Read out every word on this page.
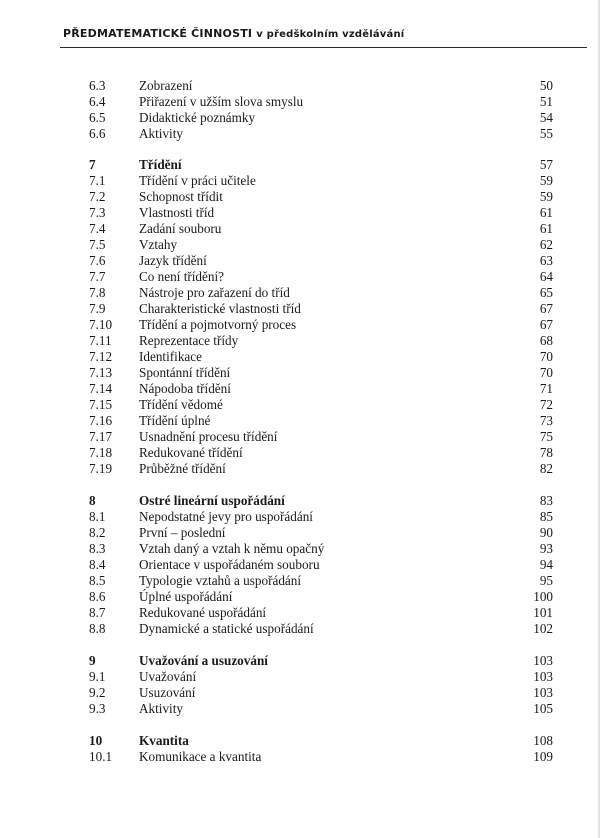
PŘEDMATEMATICKÉ ČINNOSTI v předškolním vzdělávání
6.3	Zobrazení	50
6.4	Přiřazení v užším slova smyslu	51
6.5	Didaktické poznámky	54
6.6	Aktivity	55
7	Třídění	57
7.1	Třídění v práci učitele	59
7.2	Schopnost třídit	59
7.3	Vlastnosti tříd	61
7.4	Zadání souboru	61
7.5	Vztahy	62
7.6	Jazyk třídění	63
7.7	Co není třídění?	64
7.8	Nástroje pro zařazení do tříd	65
7.9	Charakteristické vlastnosti tříd	67
7.10 Třídění a pojmotvorný proces	67
7.11 Reprezentace třídy	68
7.12 Identifikace	70
7.13 Spontánní třídění	70
7.14 Nápodoba třídění	71
7.15 Třídění vědomé	72
7.16 Třídění úplné	73
7.17 Usnadnění procesu třídění	75
7.18 Redukované třídění	78
7.19 Průběžné třídění	82
8	Ostré lineární uspořádání	83
8.1	Nepodstatné jevy pro uspořádání	85
8.2	První – poslední	90
8.3	Vztah daný a vztah k němu opačný	93
8.4	Orientace v uspořádaném souboru	94
8.5	Typologie vztahů a uspořádání	95
8.6	Úplné uspořádání	100
8.7	Redukované uspořádání	101
8.8	Dynamické a statické uspořádání	102
9	Uvažování a usuzování	103
9.1	Uvažování	103
9.2	Usuzování	103
9.3	Aktivity	105
10	Kvantita	108
10.1 Komunikace a kvantita	109
